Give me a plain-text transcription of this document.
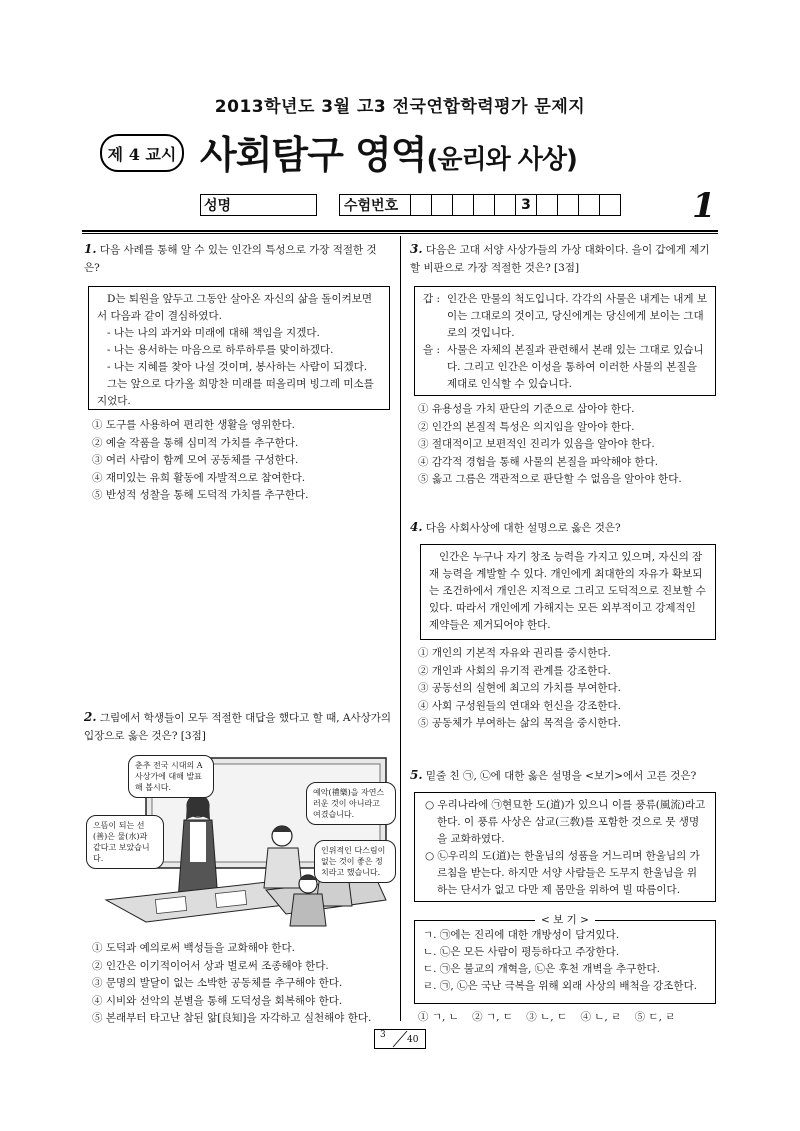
2013학년도 3월 고3 전국연합학력평가 문제지
제 4 교시 사회탐구 영역(윤리와 사상)
성명	수험번호	3	1
1. 다음 사례를 통해 알 수 있는 인간의 특성으로 가장 적절한 것은?
D는 퇴원을 앞두고 그동안 살아온 자신의 삶을 돌이켜보면서 다음과 같이 결심하였다.
- 나는 나의 과거와 미래에 대해 책임을 지겠다.
- 나는 용서하는 마음으로 하루하루를 맞이하겠다.
- 나는 지혜를 찾아 나설 것이며, 봉사하는 사람이 되겠다.
그는 앞으로 다가올 희망찬 미래를 떠올리며 빙그레 미소를 지었다.
① 도구를 사용하여 편리한 생활을 영위한다.
② 예술 작품을 통해 심미적 가치를 추구한다.
③ 여러 사람이 함께 모여 공동체를 구성한다.
④ 재미있는 유희 활동에 자발적으로 참여한다.
⑤ 반성적 성찰을 통해 도덕적 가치를 추구한다.
2. 그림에서 학생들이 모두 적절한 대답을 했다고 할 때, A사상가의 입장으로 옳은 것은? [3점]
춘추 전국 시대의 A사상가에 대해 발표해 봅시다.
으뜸이 되는 선(善)은 물(水)과 같다고 보았습니다.
예악(禮樂)을 자연스러운 것이 아니라고 여겼습니다.
인위적인 다스림이 없는 것이 좋은 정치라고 했습니다.
① 도덕과 예의로써 백성들을 교화해야 한다.
② 인간은 이기적이어서 상과 벌로써 조종해야 한다.
③ 문명의 발달이 없는 소박한 공동체를 추구해야 한다.
④ 시비와 선악의 분별을 통해 도덕성을 회복해야 한다.
⑤ 본래부터 타고난 참된 앎[良知]을 자각하고 실천해야 한다.
3. 다음은 고대 서양 사상가들의 가상 대화이다. 을이 갑에게 제기할 비판으로 가장 적절한 것은? [3점]
갑 : 인간은 만물의 척도입니다. 각각의 사물은 내게는 내게 보이는 그대로의 것이고, 당신에게는 당신에게 보이는 그대로의 것입니다.
을 : 사물은 자체의 본질과 관련해서 본래 있는 그대로 있습니다. 그리고 인간은 이성을 통하여 이러한 사물의 본질을 제대로 인식할 수 있습니다.
① 유용성을 가치 판단의 기준으로 삼아야 한다.
② 인간의 본질적 특성은 의지임을 알아야 한다.
③ 절대적이고 보편적인 진리가 있음을 알아야 한다.
④ 감각적 경험을 통해 사물의 본질을 파악해야 한다.
⑤ 옳고 그름은 객관적으로 판단할 수 없음을 알아야 한다.
4. 다음 사회사상에 대한 설명으로 옳은 것은?
인간은 누구나 자기 창조 능력을 가지고 있으며, 자신의 잠재 능력을 계발할 수 있다. 개인에게 최대한의 자유가 확보되는 조건하에서 개인은 지적으로 그리고 도덕적으로 진보할 수 있다. 따라서 개인에게 가해지는 모든 외부적이고 강제적인 제약들은 제거되어야 한다.
① 개인의 기본적 자유와 권리를 중시한다.
② 개인과 사회의 유기적 관계를 강조한다.
③ 공동선의 실현에 최고의 가치를 부여한다.
④ 사회 구성원들의 연대와 헌신을 강조한다.
⑤ 공동체가 부여하는 삶의 목적을 중시한다.
5. 밑줄 친 ㉠, ㉡에 대한 옳은 설명을 <보기>에서 고른 것은?
○ 우리나라에 ㉠현묘한 도(道)가 있으니 이를 풍류(風流)라고 한다. 이 풍류 사상은 삼교(三敎)를 포함한 것으로 뭇 생명을 교화하였다.
○ ㉡우리의 도(道)는 한울님의 성품을 거느리며 한울님의 가르침을 받는다. 하지만 서양 사람들은 도무지 한울님을 위하는 단서가 없고 다만 제 몸만을 위하여 빌 따름이다.
< 보 기 >
ㄱ. ㉠에는 진리에 대한 개방성이 담겨있다.
ㄴ. ㉡은 모든 사람이 평등하다고 주장한다.
ㄷ. ㉠은 불교의 개혁을, ㉡은 후천 개벽을 추구한다.
ㄹ. ㉠, ㉡은 국난 극복을 위해 외래 사상의 배척을 강조한다.
① ㄱ, ㄴ    ② ㄱ, ㄷ    ③ ㄴ, ㄷ    ④ ㄴ, ㄹ    ⑤ ㄷ, ㄹ
3 40
